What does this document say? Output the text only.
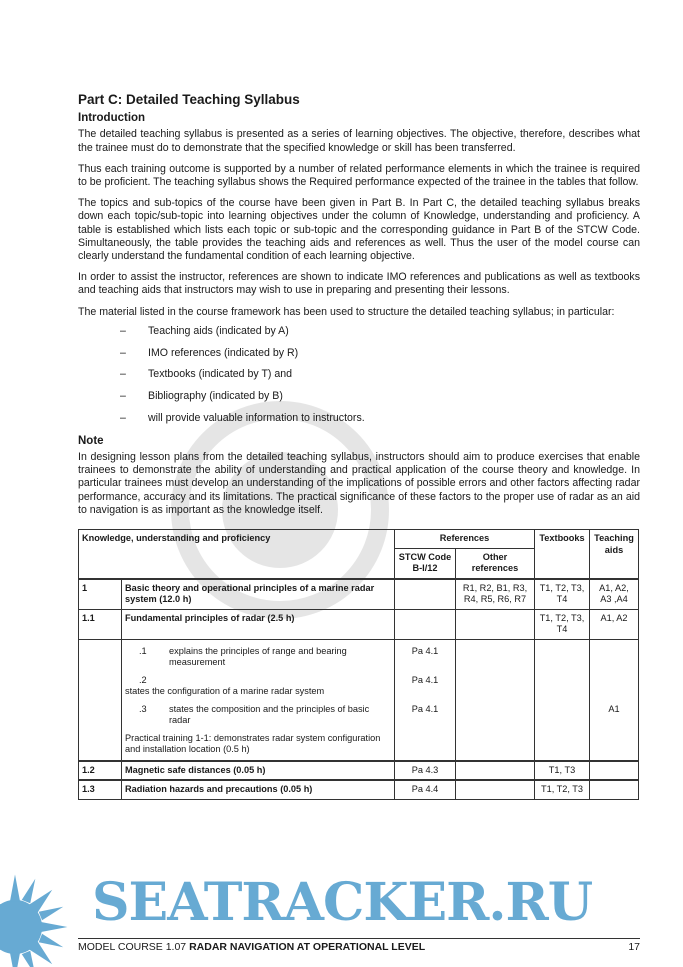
Part C: Detailed Teaching Syllabus
Introduction

The detailed teaching syllabus is presented as a series of learning objectives. The objective, therefore, describes what the trainee must do to demonstrate that the specified knowledge or skill has been transferred.

Thus each training outcome is supported by a number of related performance elements in which the trainee is required to be proficient. The teaching syllabus shows the Required performance expected of the trainee in the tables that follow.

The topics and sub-topics of the course have been given in Part B. In Part C, the detailed teaching syllabus breaks down each topic/sub-topic into learning objectives under the column of Knowledge, understanding and proficiency. A table is established which lists each topic or sub-topic and the corresponding guidance in Part B of the STCW Code. Simultaneously, the table provides the teaching aids and references as well. Thus the user of the model course can clearly understand the fundamental condition of each learning objective.

In order to assist the instructor, references are shown to indicate IMO references and publications as well as textbooks and teaching aids that instructors may wish to use in preparing and presenting their lessons.

The material listed in the course framework has been used to structure the detailed teaching syllabus; in particular:

– Teaching aids (indicated by A)
– IMO references (indicated by R)
– Textbooks (indicated by T) and
– Bibliography (indicated by B)
– will provide valuable information to instructors.
Note

In designing lesson plans from the detailed teaching syllabus, instructors should aim to produce exercises that enable trainees to demonstrate the ability of understanding and practical application of the course theory and knowledge. In particular trainees must develop an understanding of the implications of possible errors and other factors affecting radar performance, accuracy and its limitations. The practical significance of these factors to the proper use of radar as an aid to navigation is as important as the knowledge itself.

Knowledge, understanding and proficiency		References		Textbooks	Teaching aids
		STCW Code B-I/12	Other references		
1	Basic theory and operational principles of a marine radar system (12.0 h)		R1, R2, B1, R3, R4, R5, R6, R7	T1, T2, T3, T4	A1, A2, A3 ,A4
1.1	Fundamental principles of radar (2.5 h)			T1, T2, T3, T4	A1, A2
	.1 explains the principles of range and bearing measurement	Pa 4.1			
	.2states the configuration of a marine radar system	Pa 4.1			
	.3 states the composition and the principles of basic radar	Pa 4.1			A1
	Practical training 1-1: demonstrates radar system configuration and installation location (0.5 h)				
1.2	Magnetic safe distances (0.05 h)	Pa 4.3		T1, T3	
1.3	Radiation hazards and precautions (0.05 h)	Pa 4.4		T1, T2, T3	
SEATRACKER.RU
MODEL COURSE 1.07 RADAR NAVIGATION AT OPERATIONAL LEVEL	17
